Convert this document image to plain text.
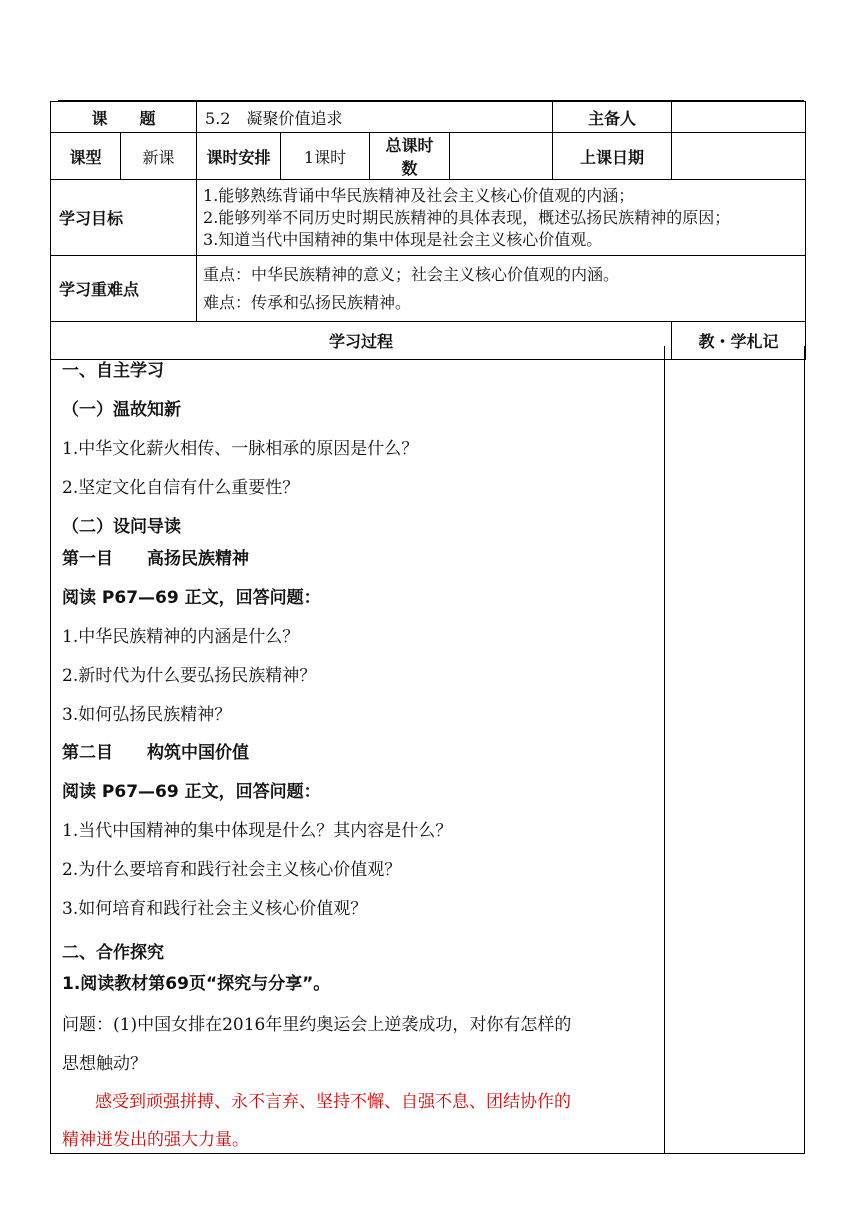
课　　题		5.2　凝聚价值追求				主备人	
课型	新课	课时安排	1课时	总课时数		上课日期	
学习目标		1.能够熟练背诵中华民族精神及社会主义核心价值观的内涵；
2.能够列举不同历史时期民族精神的具体表现，概述弘扬民族精神的原因；
3.知道当代中国精神的集中体现是社会主义核心价值观。					

学习重难点		重点：中华民族精神的意义；社会主义核心价值观的内涵。
难点：传承和弘扬民族精神。					

学习过程							教・学札记
一、自主学习
（一）温故知新
1.中华文化薪火相传、一脉相承的原因是什么？
2.坚定文化自信有什么重要性？
（二）设问导读
第一目　　高扬民族精神
阅读 P67—69 正文，回答问题：
1.中华民族精神的内涵是什么？
2.新时代为什么要弘扬民族精神？
3.如何弘扬民族精神？
第二目　　构筑中国价值
阅读 P67—69 正文，回答问题：
1.当代中国精神的集中体现是什么？其内容是什么？
2.为什么要培育和践行社会主义核心价值观？
3.如何培育和践行社会主义核心价值观？
二、合作探究
1.阅读教材第69页“探究与分享”。
问题：(1)中国女排在2016年里约奥运会上逆袭成功，对你有怎样的
思想触动？
感受到顽强拼搏、永不言弃、坚持不懈、自强不息、团结协作的
精神迸发出的强大力量。
